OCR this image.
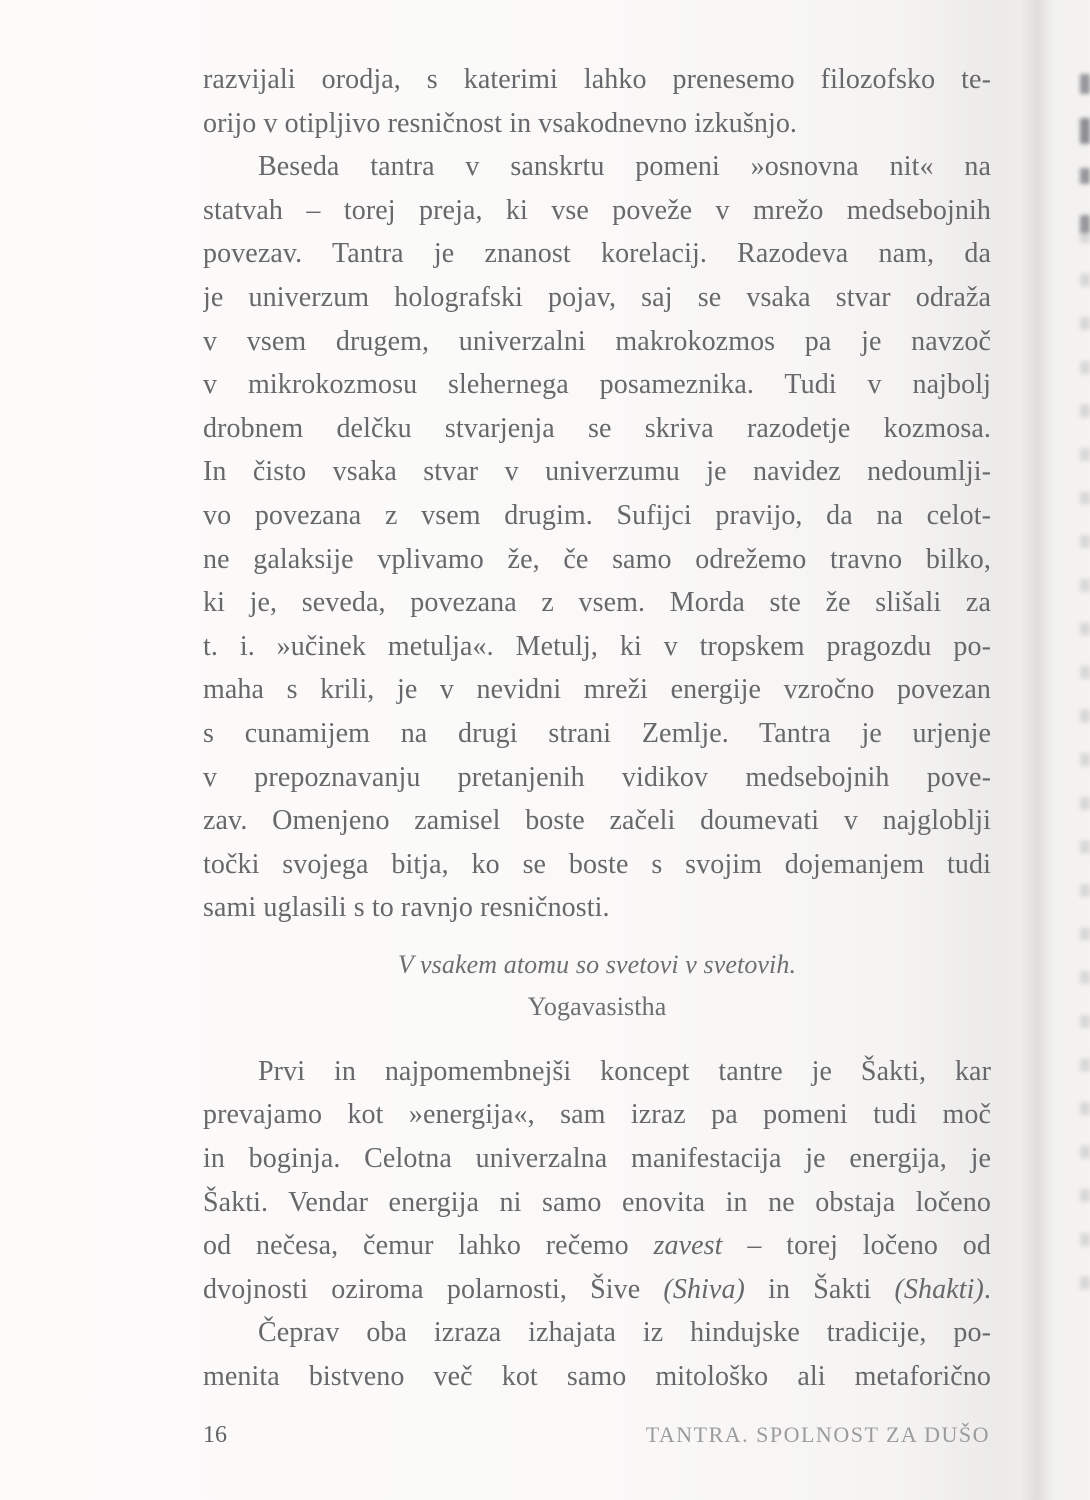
razvijali orodja, s katerimi lahko prenesemo filozofsko te-
orijo v otipljivo resničnost in vsakodnevno izkušnjo.
Beseda tantra v sanskrtu pomeni »osnovna nit« na
statvah – torej preja, ki vse poveže v mrežo medsebojnih
povezav. Tantra je znanost korelacij. Razodeva nam, da
je univerzum holografski pojav, saj se vsaka stvar odraža
v vsem drugem, univerzalni makrokozmos pa je navzoč
v mikrokozmosu slehernega posameznika. Tudi v najbolj
drobnem delčku stvarjenja se skriva razodetje kozmosa.
In čisto vsaka stvar v univerzumu je navidez nedoumlji-
vo povezana z vsem drugim. Sufijci pravijo, da na celot-
ne galaksije vplivamo že, če samo odrežemo travno bilko,
ki je, seveda, povezana z vsem. Morda ste že slišali za
t. i. »učinek metulja«. Metulj, ki v tropskem pragozdu po-
maha s krili, je v nevidni mreži energije vzročno povezan
s cunamijem na drugi strani Zemlje. Tantra je urjenje
v prepoznavanju pretanjenih vidikov medsebojnih pove-
zav. Omenjeno zamisel boste začeli doumevati v najgloblji
točki svojega bitja, ko se boste s svojim dojemanjem tudi
sami uglasili s to ravnjo resničnosti.
V vsakem atomu so svetovi v svetovih.
Yogavasistha
Prvi in najpomembnejši koncept tantre je Šakti, kar
prevajamo kot »energija«, sam izraz pa pomeni tudi moč
in boginja. Celotna univerzalna manifestacija je energija, je
Šakti. Vendar energija ni samo enovita in ne obstaja ločeno
od nečesa, čemur lahko rečemo zavest – torej ločeno od
dvojnosti oziroma polarnosti, Šive (Shiva) in Šakti (Shakti).
Čeprav oba izraza izhajata iz hindujske tradicije, po-
menita bistveno več kot samo mitološko ali metaforično
16	TANTRA. SPOLNOST ZA DUŠO
